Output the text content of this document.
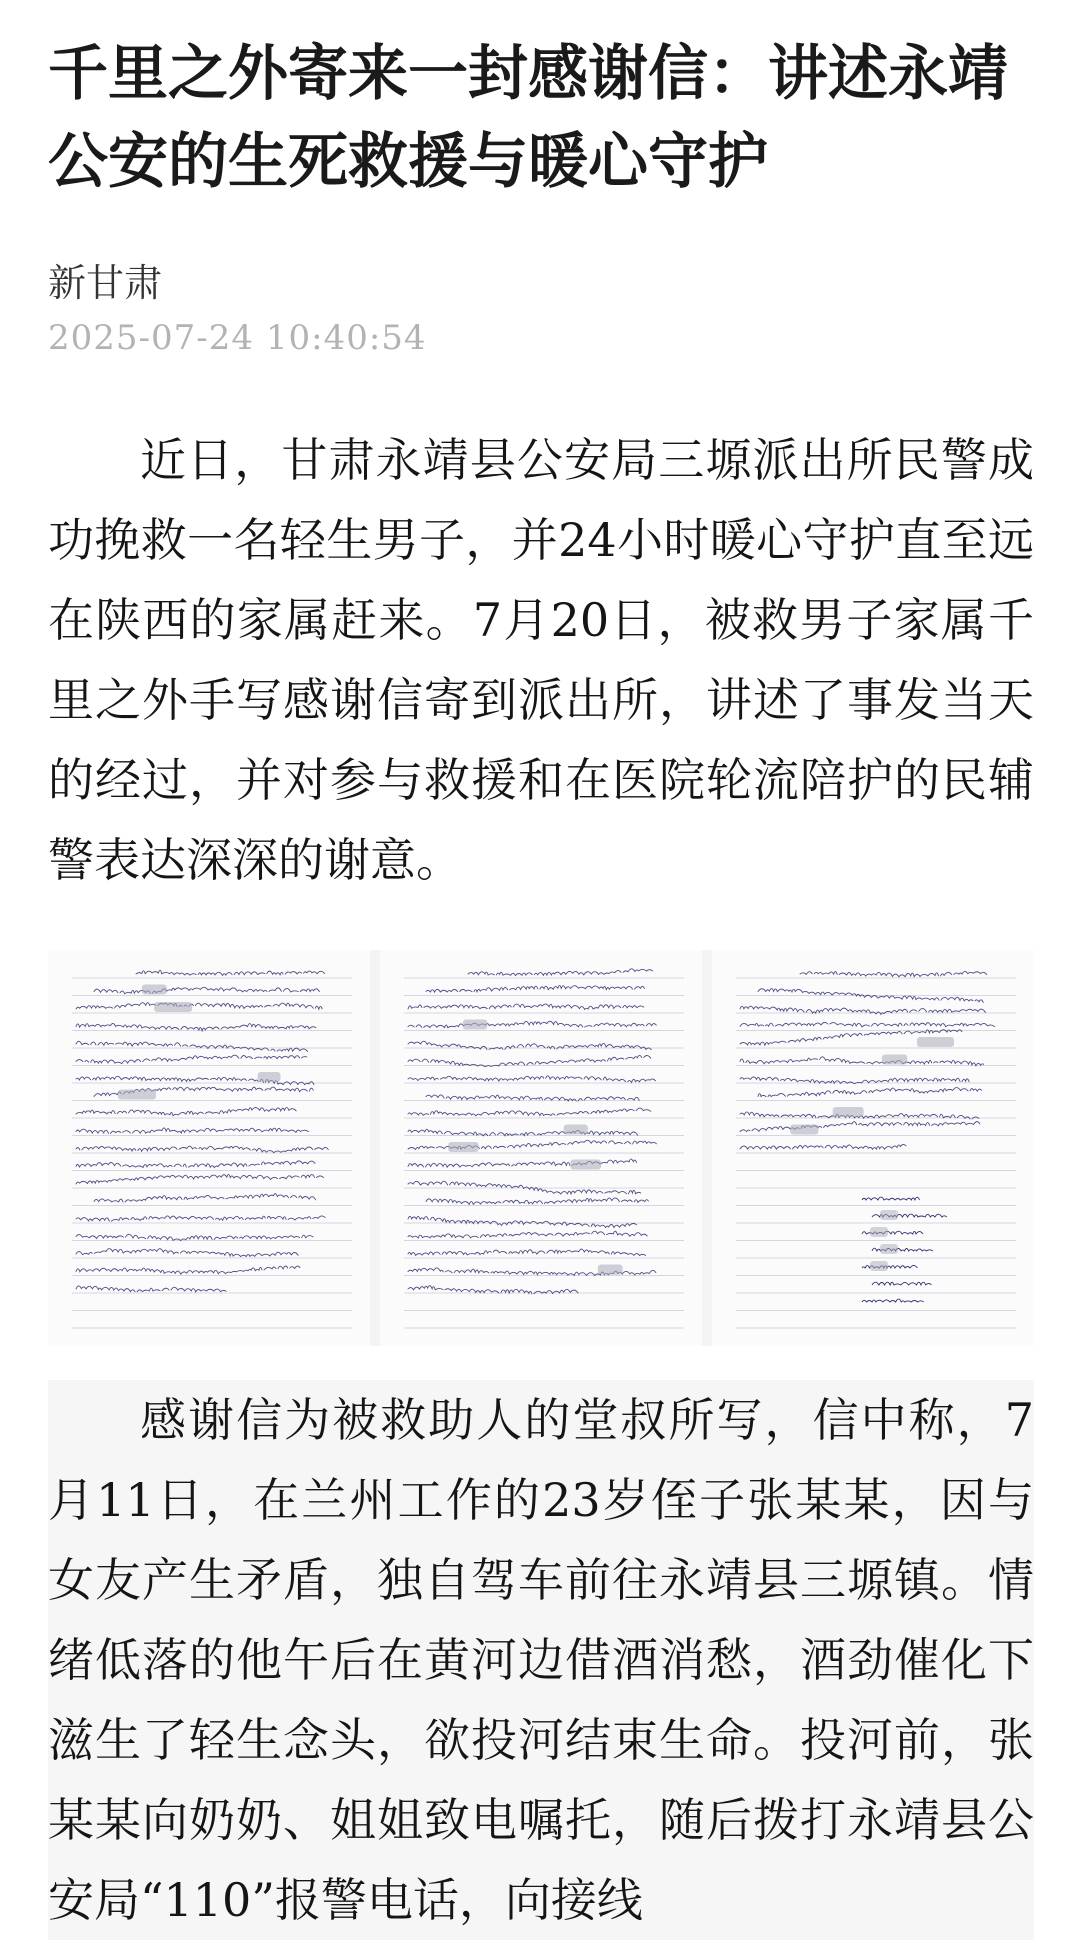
千里之外寄来一封感谢信：讲述永靖公安的生死救援与暖心守护
新甘肃
2025-07-24 10:40:54

近日，甘肃永靖县公安局三塬派出所民警成功挽救一名轻生男子，并24小时暖心守护直至远在陕西的家属赶来。7月20日，被救男子家属千里之外手写感谢信寄到派出所，讲述了事发当天的经过，并对参与救援和在医院轮流陪护的民辅警表达深深的谢意。

感谢信为被救助人的堂叔所写，信中称，7月11日，在兰州工作的23岁侄子张某某，因与女友产生矛盾，独自驾车前往永靖县三塬镇。情绪低落的他午后在黄河边借酒消愁，酒劲催化下滋生了轻生念头，欲投河结束生命。投河前，张某某向奶奶、姐姐致电嘱托，随后拨打永靖县公安局“110”报警电话，向接线
